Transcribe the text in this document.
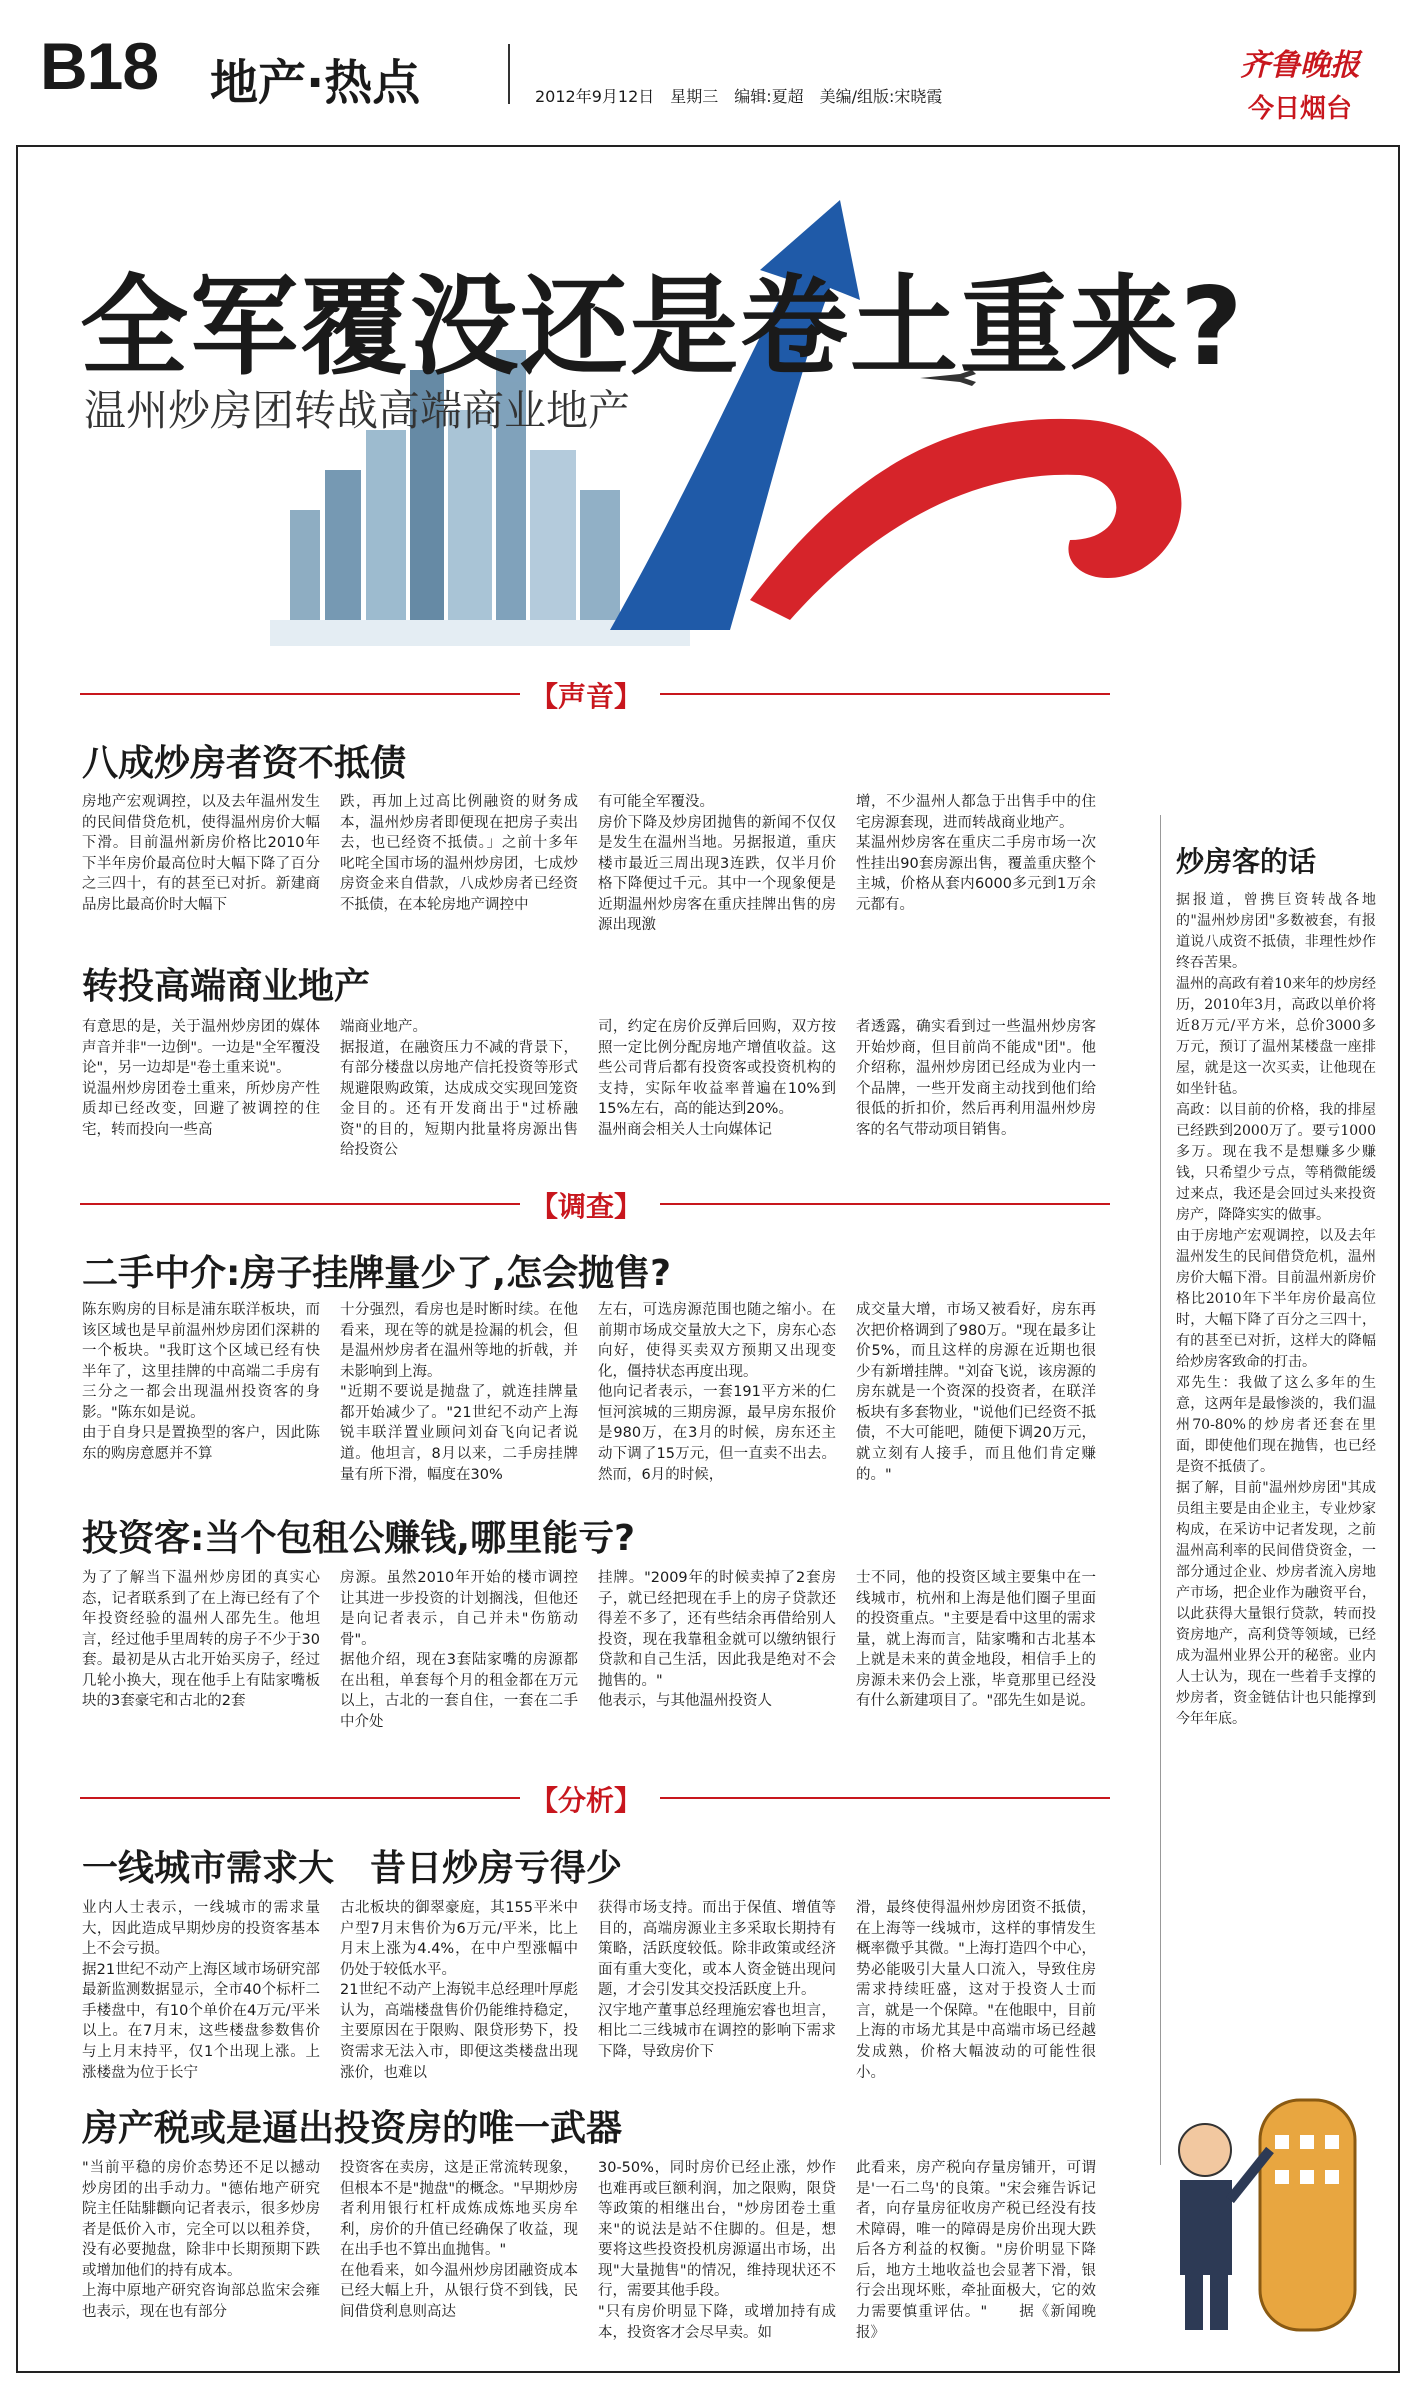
B18 地产·热点	2012年9月12日　星期三　编辑:夏超　美编/组版:宋晓霞
齐鲁晚报
今日烟台
全军覆没还是卷土重来?
温州炒房团转战高端商业地产
【声音】
八成炒房者资不抵债
房地产宏观调控，以及去年温州发生的民间借贷危机，使得温州房价大幅下滑。目前温州新房价格比2010年下半年房价最高位时大幅下降了百分之三四十，有的甚至已对折。新建商品房比最高价时大幅下
跌，再加上过高比例融资的财务成本，温州炒房者即便现在把房子卖出去，也已经资不抵债。」之前十多年叱咤全国市场的温州炒房团，七成炒房资金来自借款，八成炒房者已经资不抵债，在本轮房地产调控中
有可能全军覆没。
房价下降及炒房团抛售的新闻不仅仅是发生在温州当地。另据报道，重庆楼市最近三周出现3连跌，仅半月价格下降便过千元。其中一个现象便是近期温州炒房客在重庆挂牌出售的房源出现激
增，不少温州人都急于出售手中的住宅房源套现，进而转战商业地产。
某温州炒房客在重庆二手房市场一次性挂出90套房源出售，覆盖重庆整个主城，价格从套内6000多元到1万余元都有。
转投高端商业地产
有意思的是，关于温州炒房团的媒体声音并非"一边倒"。一边是"全军覆没论"，另一边却是"卷土重来说"。
说温州炒房团卷土重来，所炒房产性质却已经改变，回避了被调控的住宅，转而投向一些高
端商业地产。
据报道，在融资压力不减的背景下，有部分楼盘以房地产信托投资等形式规避限购政策，达成成交实现回笼资金目的。还有开发商出于"过桥融资"的目的，短期内批量将房源出售给投资公
司，约定在房价反弹后回购，双方按照一定比例分配房地产增值收益。这些公司背后都有投资客或投资机构的支持，实际年收益率普遍在10%到15%左右，高的能达到20%。
温州商会相关人士向媒体记
者透露，确实看到过一些温州炒房客开始炒商，但目前尚不能成"团"。他介绍称，温州炒房团已经成为业内一个品牌，一些开发商主动找到他们给很低的折扣价，然后再利用温州炒房客的名气带动项目销售。
【调查】
二手中介:房子挂牌量少了,怎会抛售?
陈东购房的目标是浦东联洋板块，而该区域也是早前温州炒房团们深耕的一个板块。"我盯这个区域已经有快半年了，这里挂牌的中高端二手房有三分之一都会出现温州投资客的身影。"陈东如是说。
由于自身只是置换型的客户，因此陈东的购房意愿并不算
十分强烈，看房也是时断时续。在他看来，现在等的就是捡漏的机会，但是温州炒房者在温州等地的折戟，并未影响到上海。
"近期不要说是抛盘了，就连挂牌量都开始减少了。"21世纪不动产上海锐丰联洋置业顾问刘奋飞向记者说道。他坦言，8月以来，二手房挂牌量有所下滑，幅度在30%
左右，可选房源范围也随之缩小。在前期市场成交量放大之下，房东心态向好，使得买卖双方预期又出现变化，僵持状态再度出现。
他向记者表示，一套191平方米的仁恒河滨城的三期房源，最早房东报价是980万，在3月的时候，房东还主动下调了15万元，但一直卖不出去。然而，6月的时候，
成交量大增，市场又被看好，房东再次把价格调到了980万。"现在最多让价5%，而且这样的房源在近期也很少有新增挂牌。"刘奋飞说，该房源的房东就是一个资深的投资者，在联洋板块有多套物业，"说他们已经资不抵债，不大可能吧，随便下调20万元，就立刻有人接手，而且他们肯定赚的。"
投资客:当个包租公赚钱,哪里能亏?
为了了解当下温州炒房团的真实心态，记者联系到了在上海已经有了个年投资经验的温州人邵先生。他坦言，经过他手里周转的房子不少于30套。最初是从古北开始买房子，经过几轮小换大，现在他手上有陆家嘴板块的3套豪宅和古北的2套
房源。虽然2010年开始的楼市调控让其进一步投资的计划搁浅，但他还是向记者表示，自己并未"伤筋动骨"。
据他介绍，现在3套陆家嘴的房源都在出租，单套每个月的租金都在万元以上，古北的一套自住，一套在二手中介处
挂牌。"2009年的时候卖掉了2套房子，就已经把现在手上的房子贷款还得差不多了，还有些结余再借给别人投资，现在我靠租金就可以缴纳银行贷款和自己生活，因此我是绝对不会抛售的。"
他表示，与其他温州投资人
士不同，他的投资区域主要集中在一线城市，杭州和上海是他们圈子里面的投资重点。"主要是看中这里的需求量，就上海而言，陆家嘴和古北基本上就是未来的黄金地段，相信手上的房源未来仍会上涨，毕竟那里已经没有什么新建项目了。"邵先生如是说。
【分析】
一线城市需求大　昔日炒房亏得少
业内人士表示，一线城市的需求量大，因此造成早期炒房的投资客基本上不会亏损。
据21世纪不动产上海区域市场研究部最新监测数据显示，全市40个标杆二手楼盘中，有10个单价在4万元/平米以上。在7月末，这些楼盘参数售价与上月末持平，仅1个出现上涨。上涨楼盘为位于长宁
古北板块的御翠豪庭，其155平米中户型7月末售价为6万元/平米，比上月末上涨为4.4%，在中户型涨幅中仍处于较低水平。
21世纪不动产上海锐丰总经理叶厚彪认为，高端楼盘售价仍能维持稳定，主要原因在于限购、限贷形势下，投资需求无法入市，即便这类楼盘出现涨价，也难以
获得市场支持。而出于保值、增值等目的，高端房源业主多采取长期持有策略，活跃度较低。除非政策或经济面有重大变化，或本人资金链出现问题，才会引发其交投活跃度上升。
汉宇地产董事总经理施宏睿也坦言，相比二三线城市在调控的影响下需求下降，导致房价下
滑，最终使得温州炒房团资不抵债，在上海等一线城市，这样的事情发生概率微乎其微。"上海打造四个中心，势必能吸引大量人口流入，导致住房需求持续旺盛，这对于投资人士而言，就是一个保障。"在他眼中，目前上海的市场尤其是中高端市场已经越发成熟，价格大幅波动的可能性很小。
房产税或是逼出投资房的唯一武器
"当前平稳的房价态势还不足以撼动炒房团的出手动力。"德佑地产研究院主任陆騑颧向记者表示，很多炒房者是低价入市，完全可以以租养贷，没有必要抛盘，除非中长期预期下跌或增加他们的持有成本。
上海中原地产研究咨询部总监宋会雍也表示，现在也有部分
投资客在卖房，这是正常流转现象，但根本不是"抛盘"的概念。"早期炒房者利用银行杠杆成炼成炼地买房牟利，房价的升值已经确保了收益，现在出手也不算出血抛售。"
在他看来，如今温州炒房团融资成本已经大幅上升，从银行贷不到钱，民间借贷利息则高达
30-50%，同时房价已经止涨，炒作也难再或巨额利润，加之限购，限贷等政策的相继出台，"炒房团卷土重来"的说法是站不住脚的。但是，想要将这些投资投机房源逼出市场，出现"大量抛售"的情况，维持现状还不行，需要其他手段。
"只有房价明显下降，或增加持有成本，投资客才会尽早卖。如
此看来，房产税向存量房铺开，可谓是'一石二鸟'的良策。"宋会雍告诉记者，向存量房征收房产税已经没有技术障碍，唯一的障碍是房价出现大跌后各方利益的权衡。"房价明显下降后，地方土地收益也会显著下滑，银行会出现坏账，牵扯面极大，它的效力需要慎重评估。"　　据《新闻晚报》
炒房客的话
据报道，曾携巨资转战各地的"温州炒房团"多数被套，有报道说八成资不抵债，非理性炒作终吞苦果。
温州的高政有着10来年的炒房经历，2010年3月，高政以单价将近8万元/平方米，总价3000多万元，预订了温州某楼盘一座排屋，就是这一次买卖，让他现在如坐针毡。
高政：以目前的价格，我的排屋已经跌到2000万了。要亏1000多万。现在我不是想赚多少赚钱，只希望少亏点，等稍微能缓过来点，我还是会回过头来投资房产，降降实实的做事。
由于房地产宏观调控，以及去年温州发生的民间借贷危机，温州房价大幅下滑。目前温州新房价格比2010年下半年房价最高位时，大幅下降了百分之三四十，有的甚至已对折，这样大的降幅给炒房客致命的打击。
邓先生：我做了这么多年的生意，这两年是最惨淡的，我们温州70-80%的炒房者还套在里面，即使他们现在抛售，也已经是资不抵债了。
据了解，目前"温州炒房团"其成员组主要是由企业主，专业炒家构成，在采访中记者发现，之前温州高利率的民间借贷资金，一部分通过企业、炒房者流入房地产市场，把企业作为融资平台，以此获得大量银行贷款，转而投资房地产，高利贷等领域，已经成为温州业界公开的秘密。业内人士认为，现在一些着手支撑的炒房者，资金链估计也只能撑到今年年底。
